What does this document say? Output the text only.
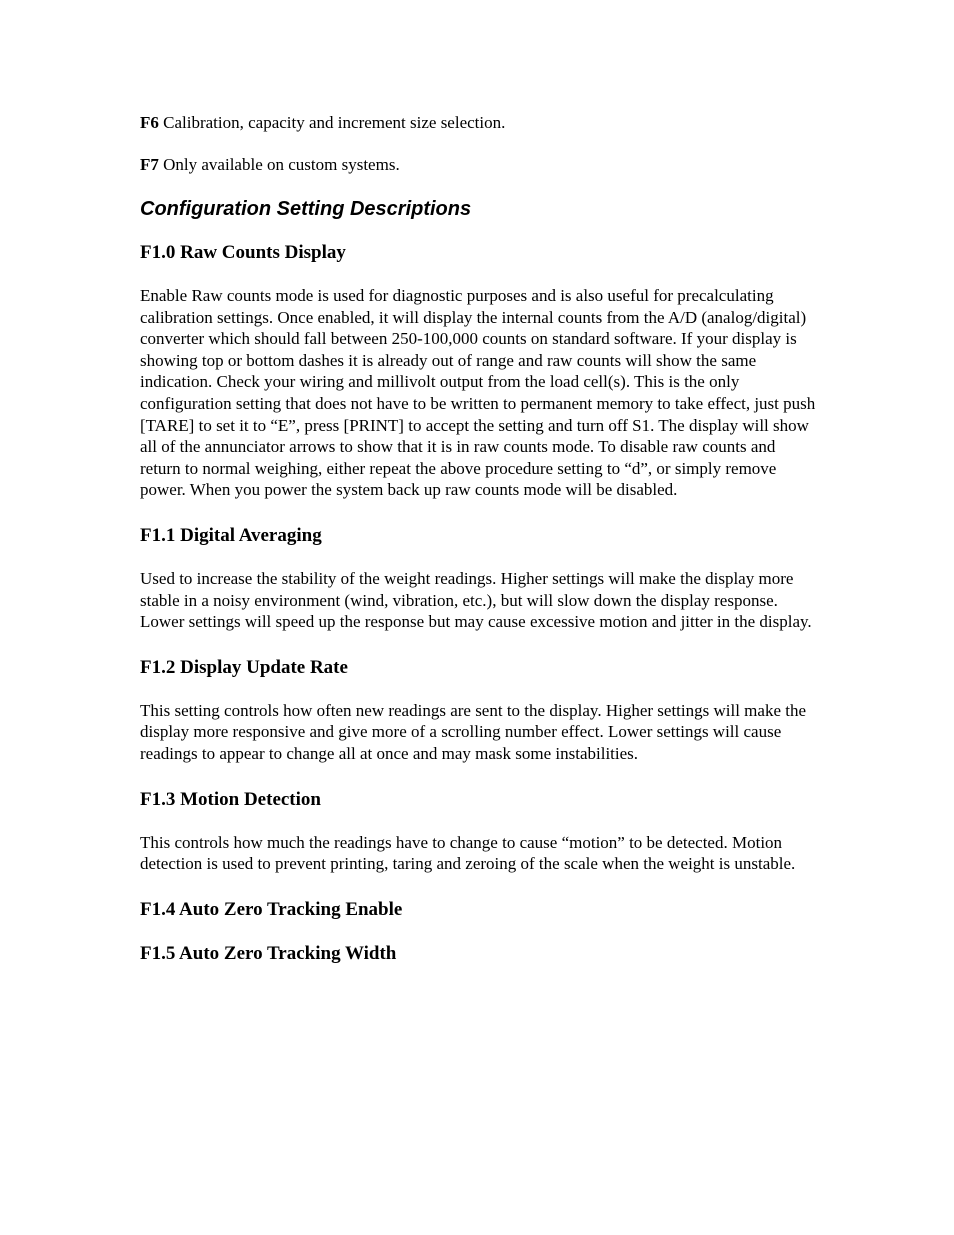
F6 Calibration, capacity and increment size selection.

F7 Only available on custom systems.

Configuration Setting Descriptions
F1.0 Raw Counts Display

Enable Raw counts mode is used for diagnostic purposes and is also useful for precalculating calibration settings. Once enabled, it will display the internal counts from the A/D (analog/digital) converter which should fall between 250-100,000 counts on standard software. If your display is showing top or bottom dashes it is already out of range and raw counts will show the same indication. Check your wiring and millivolt output from the load cell(s). This is the only configuration setting that does not have to be written to permanent memory to take effect, just push [TARE] to set it to “E”, press [PRINT] to accept the setting and turn off S1. The display will show all of the annunciator arrows to show that it is in raw counts mode. To disable raw counts and return to normal weighing, either repeat the above procedure setting to “d”, or simply remove power. When you power the system back up raw counts mode will be disabled.

F1.1 Digital Averaging

Used to increase the stability of the weight readings. Higher settings will make the display more stable in a noisy environment (wind, vibration, etc.), but will slow down the display response. Lower settings will speed up the response but may cause excessive motion and jitter in the display.

F1.2 Display Update Rate

This setting controls how often new readings are sent to the display. Higher settings will make the display more responsive and give more of a scrolling number effect. Lower settings will cause readings to appear to change all at once and may mask some instabilities.

F1.3 Motion Detection

This controls how much the readings have to change to cause “motion” to be detected. Motion detection is used to prevent printing, taring and zeroing of the scale when the weight is unstable.

F1.4 Auto Zero Tracking Enable
F1.5 Auto Zero Tracking Width
